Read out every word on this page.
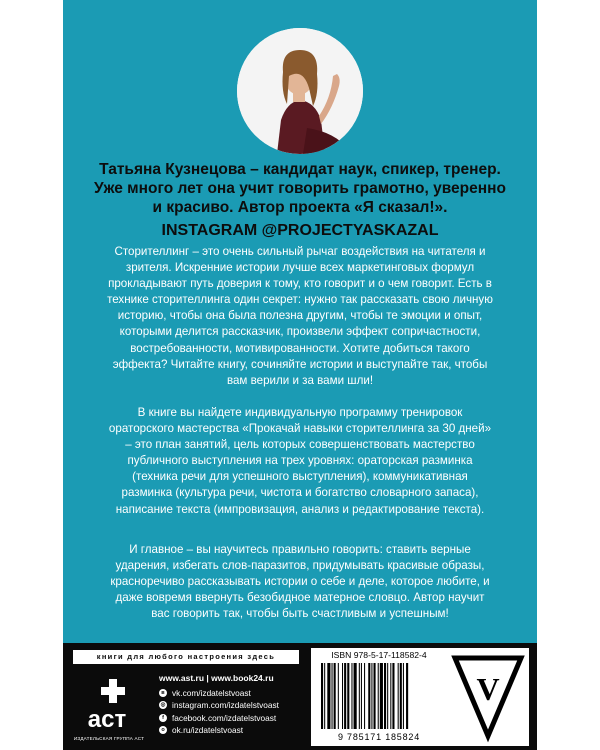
Татьяна Кузнецова – кандидат наук, спикер, тренер. Уже много лет она учит говорить грамотно, уверенно и красиво. Автор проекта «Я сказал!».

INSTAGRAM @PROJECTYASKAZAL

Сторителлинг – это очень сильный рычаг воздействия на читателя и зрителя. Искренние истории лучше всех маркетинговых формул прокладывают путь доверия к тому, кто говорит и о чем говорит. Есть в технике сторителлинга один секрет: нужно так рассказать свою личную историю, чтобы она была полезна другим, чтобы те эмоции и опыт, которыми делится рассказчик, произвели эффект сопричастности, востребованности, мотивированности. Хотите добиться такого эффекта? Читайте книгу, сочиняйте истории и выступайте так, чтобы вам верили и за вами шли!

В книге вы найдете индивидуальную программу тренировок ораторского мастерства «Прокачай навыки сторителлинга за 30 дней» – это план занятий, цель которых совершенствовать мастерство публичного выступления на трех уровнях: ораторская разминка (техника речи для успешного выступления), коммуникативная разминка (культура речи, чистота и богатство словарного запаса), написание текста (импровизация, анализ и редактирование текста).

И главное – вы научитесь правильно говорить: ставить верные ударения, избегать слов-паразитов, придумывать красивые образы, красноречиво рассказывать истории о себе и деле, которое любите, и даже вовремя ввернуть безобидное матерное словцо. Автор научит вас говорить так, чтобы быть счастливым и успешным!

книги для любого настроения здесь
аст
ИЗДАТЕЛЬСКАЯ ГРУППА АСТ
www.ast.ru | www.book24.ru
в vk.com/izdatelstvoast
◎ instagram.com/izdatelstvoast
f facebook.com/izdatelstvoast
о ok.ru/izdatelstvoast
ISBN 978-5-17-118582-4
9 785171 185824
V
